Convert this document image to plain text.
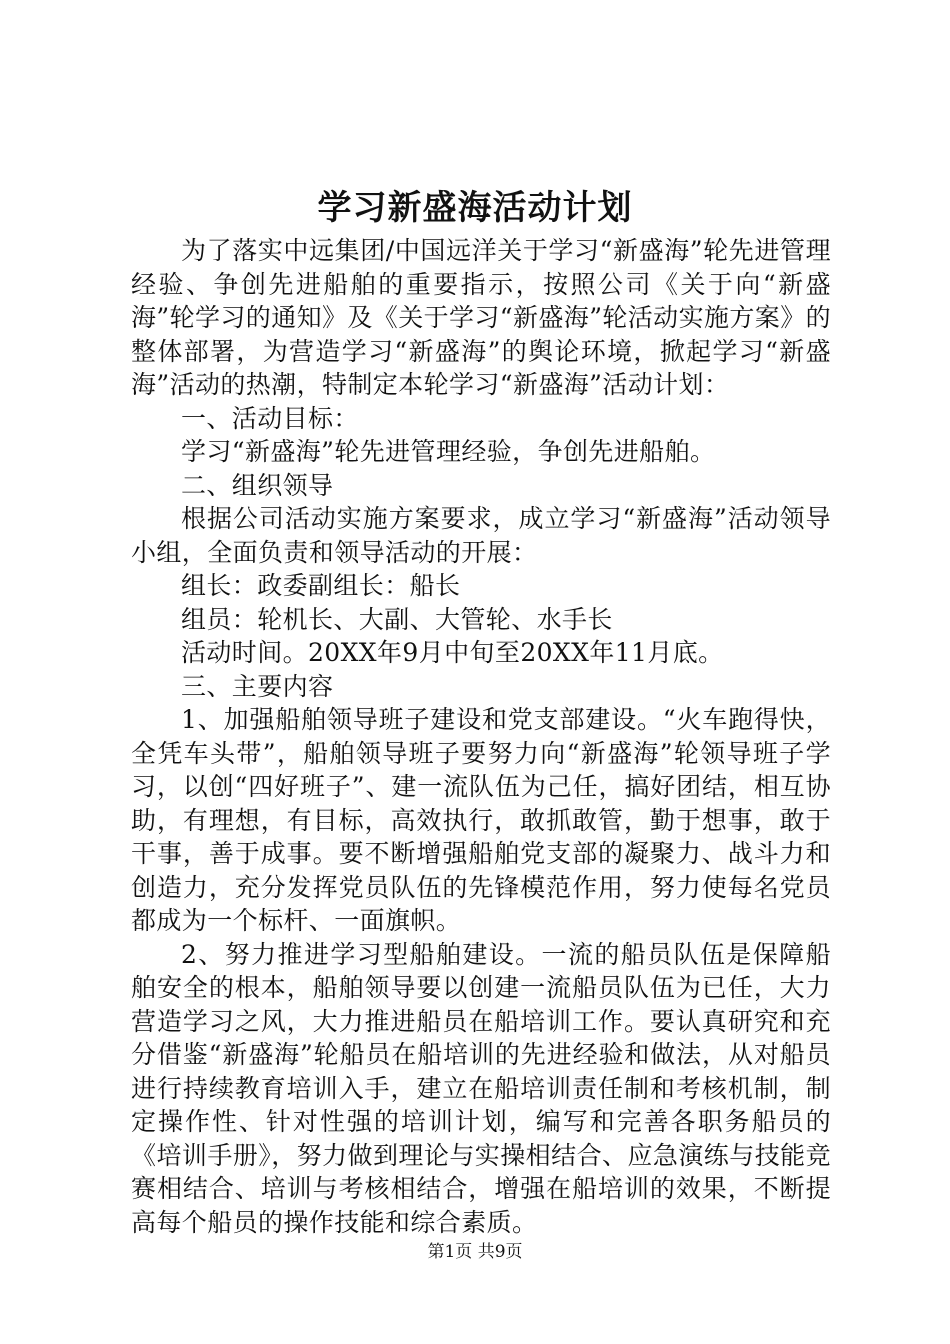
学习新盛海活动计划

为了落实中远集团/中国远洋关于学习“新盛海”轮先进管理经验、争创先进船舶的重要指示，按照公司《关于向“新盛海”轮学习的通知》及《关于学习“新盛海”轮活动实施方案》的整体部署，为营造学习“新盛海”的舆论环境，掀起学习“新盛海”活动的热潮，特制定本轮学习“新盛海”活动计划：

一、活动目标：

学习“新盛海”轮先进管理经验，争创先进船舶。

二、组织领导

根据公司活动实施方案要求，成立学习“新盛海”活动领导小组，全面负责和领导活动的开展：

组长：政委副组长：船长

组员：轮机长、大副、大管轮、水手长

活动时间。20XX年9月中旬至20XX年11月底。

三、主要内容

1、加强船舶领导班子建设和党支部建设。“火车跑得快，全凭车头带”，船舶领导班子要努力向“新盛海”轮领导班子学习，以创“四好班子”、建一流队伍为己任，搞好团结，相互协助，有理想，有目标，高效执行，敢抓敢管，勤于想事，敢于干事，善于成事。要不断增强船舶党支部的凝聚力、战斗力和创造力，充分发挥党员队伍的先锋模范作用，努力使每名党员都成为一个标杆、一面旗帜。

2、努力推进学习型船舶建设。一流的船员队伍是保障船舶安全的根本，船舶领导要以创建一流船员队伍为已任，大力营造学习之风，大力推进船员在船培训工作。要认真研究和充分借鉴“新盛海”轮船员在船培训的先进经验和做法，从对船员进行持续教育培训入手，建立在船培训责任制和考核机制，制定操作性、针对性强的培训计划，编写和完善各职务船员的《培训手册》，努力做到理论与实操相结合、应急演练与技能竞赛相结合、培训与考核相结合，增强在船培训的效果，不断提高每个船员的操作技能和综合素质。

第1页 共9页
